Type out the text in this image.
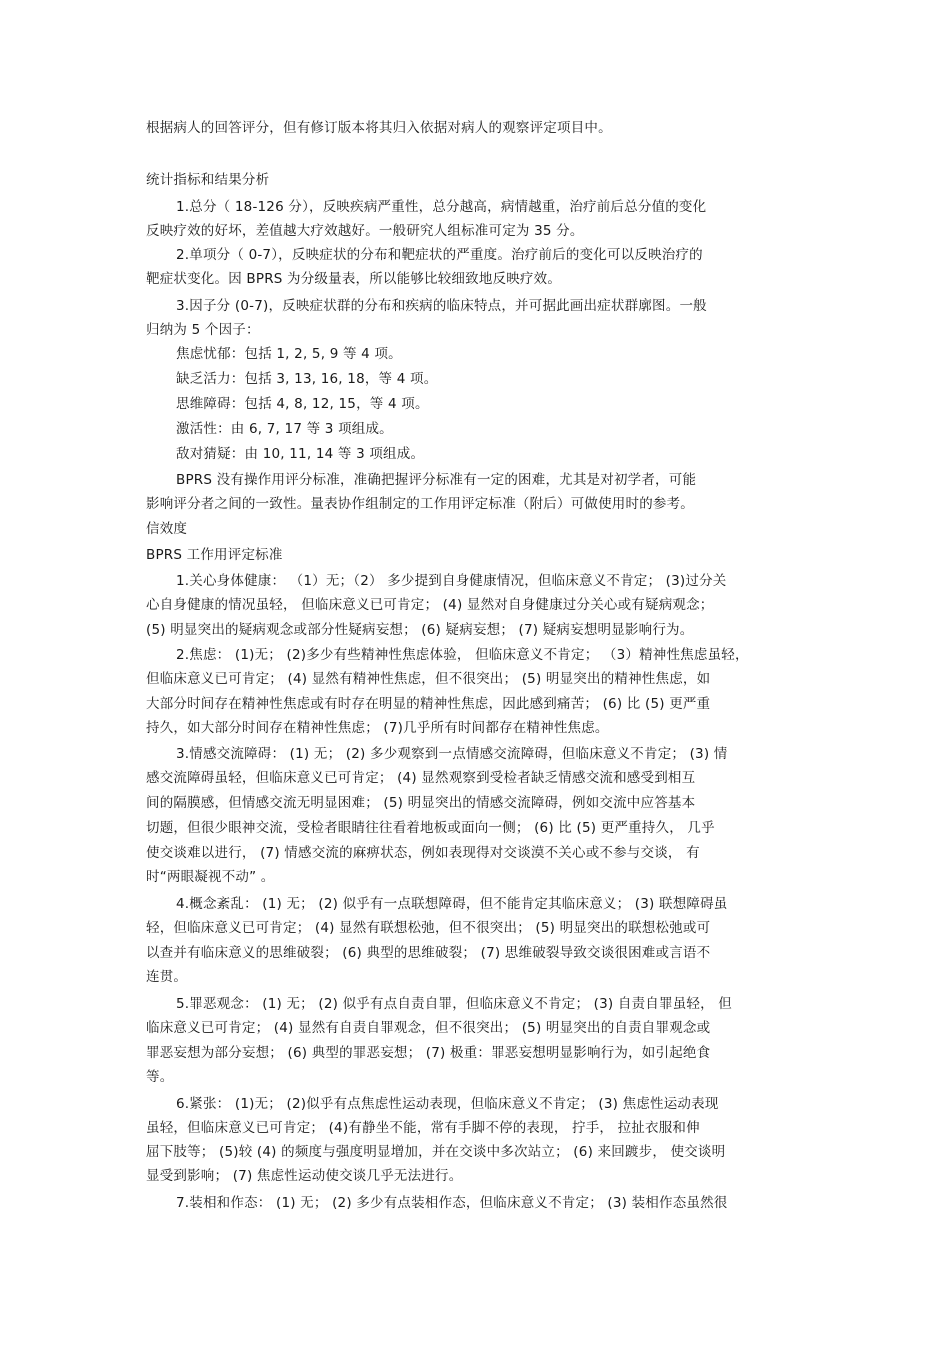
根据病人的回答评分，但有修订版本将其归入依据对病人的观察评定项目中。
统计指标和结果分析
1.总分（ 18-126 分），反映疾病严重性，总分越高，病情越重，治疗前后总分值的变化
反映疗效的好坏，差值越大疗效越好。一般研究人组标准可定为 35 分。
2.单项分（ 0-7），反映症状的分布和靶症状的严重度。治疗前后的变化可以反映治疗的
靶症状变化。因 BPRS 为分级量表，所以能够比较细致地反映疗效。
3.因子分 (0-7)，反映症状群的分布和疾病的临床特点，并可据此画出症状群廓图。一般
归纳为 5 个因子：
焦虑忧郁：包括 1, 2, 5, 9 等 4 项。
缺乏活力：包括 3, 13, 16, 18，等 4 项。
思维障碍：包括 4, 8, 12, 15，等 4 项。
激活性：由 6, 7, 17 等 3 项组成。
敌对猜疑：由 10, 11, 14 等 3 项组成。
BPRS 没有操作用评分标准，准确把握评分标准有一定的困难，尤其是对初学者，可能
影响评分者之间的一致性。量表协作组制定的工作用评定标准（附后）可做使用时的参考。
信效度
BPRS 工作用评定标准
1.关心身体健康： （1）无；（2） 多少提到自身健康情况，但临床意义不肯定； (3)过分关
心自身健康的情况虽轻， 但临床意义已可肯定； (4) 显然对自身健康过分关心或有疑病观念；
(5) 明显突出的疑病观念或部分性疑病妄想； (6) 疑病妄想； (7) 疑病妄想明显影响行为。
2.焦虑： (1)无； (2)多少有些精神性焦虑体验， 但临床意义不肯定； （3）精神性焦虑虽轻，
但临床意义已可肯定； (4) 显然有精神性焦虑，但不很突出； (5) 明显突出的精神性焦虑，如
大部分时间存在精神性焦虑或有时存在明显的精神性焦虑，因此感到痛苦； (6) 比 (5) 更严重
持久，如大部分时间存在精神性焦虑； (7)几乎所有时间都存在精神性焦虑。
3.情感交流障碍： (1) 无； (2) 多少观察到一点情感交流障碍，但临床意义不肯定； (3) 情
感交流障碍虽轻，但临床意义已可肯定； (4) 显然观察到受检者缺乏情感交流和感受到相互
间的隔膜感，但情感交流无明显困难； (5) 明显突出的情感交流障碍，例如交流中应答基本
切题，但很少眼神交流，受检者眼睛往往看着地板或面向一侧； (6) 比 (5) 更严重持久， 几乎
使交谈难以进行， (7) 情感交流的麻痹状态，例如表现得对交谈漠不关心或不参与交谈， 有
时“两眼凝视不动” 。
4.概念紊乱： (1) 无； (2) 似乎有一点联想障碍，但不能肯定其临床意义； (3) 联想障碍虽
轻，但临床意义已可肯定； (4) 显然有联想松弛，但不很突出； (5) 明显突出的联想松弛或可
以查并有临床意义的思维破裂； (6) 典型的思维破裂； (7) 思维破裂导致交谈很困难或言语不
连贯。
5.罪恶观念： (1) 无； (2) 似乎有点自责自罪，但临床意义不肯定； (3) 自责自罪虽轻， 但
临床意义已可肯定； (4) 显然有自责自罪观念，但不很突出； (5) 明显突出的自责自罪观念或
罪恶妄想为部分妄想； (6) 典型的罪恶妄想； (7) 极重：罪恶妄想明显影响行为，如引起绝食
等。
6.紧张： (1)无； (2)似乎有点焦虑性运动表现，但临床意义不肯定； (3) 焦虑性运动表现
虽轻，但临床意义已可肯定； (4)有静坐不能，常有手脚不停的表现， 拧手， 拉扯衣服和伸
屈下肢等； (5)较 (4) 的频度与强度明显增加，并在交谈中多次站立； (6) 来回踱步， 使交谈明
显受到影响； (7) 焦虑性运动使交谈几乎无法进行。
7.装相和作态： (1) 无； (2) 多少有点装相作态，但临床意义不肯定； (3) 装相作态虽然很
